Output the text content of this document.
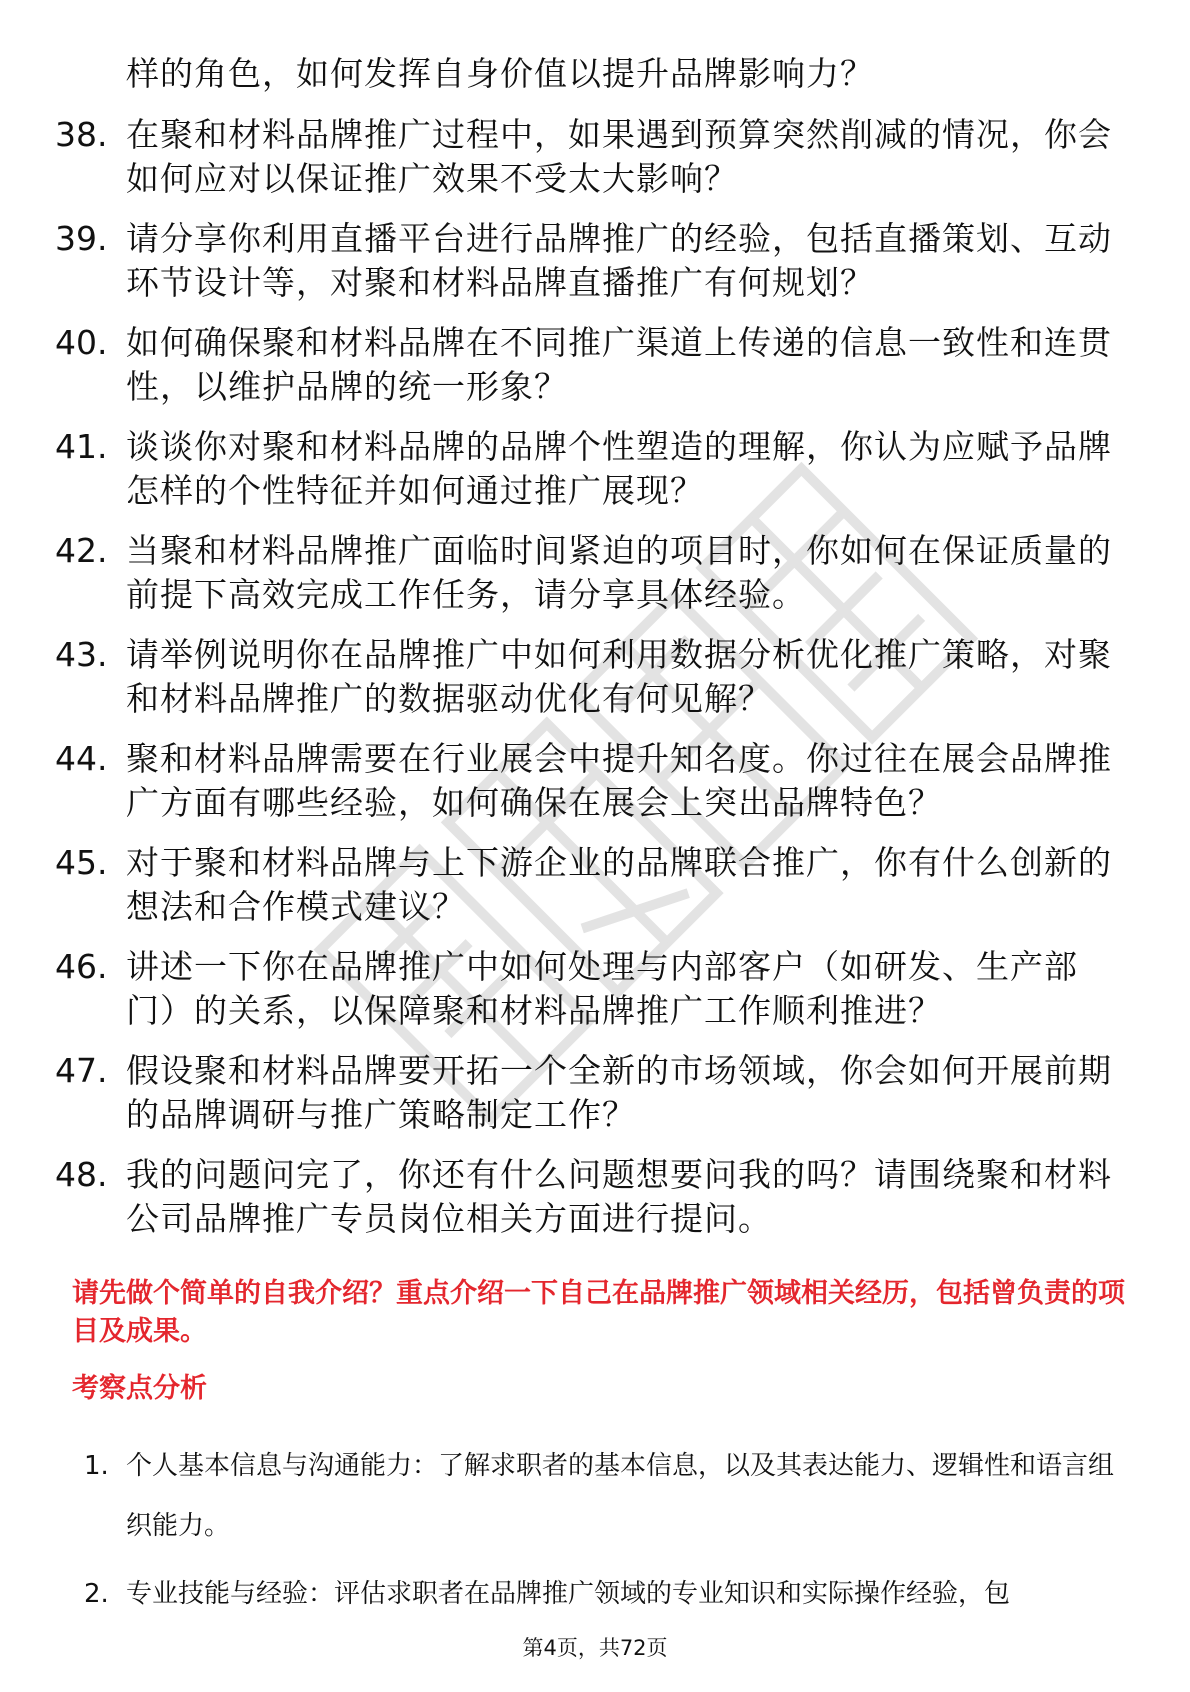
样的角色，如何发挥自身价值以提升品牌影响力？
38. 在聚和材料品牌推广过程中，如果遇到预算突然削减的情况，你会如何应对以保证推广效果不受太大影响？
39. 请分享你利用直播平台进行品牌推广的经验，包括直播策划、互动环节设计等，对聚和材料品牌直播推广有何规划？
40. 如何确保聚和材料品牌在不同推广渠道上传递的信息一致性和连贯性，以维护品牌的统一形象？
41. 谈谈你对聚和材料品牌的品牌个性塑造的理解，你认为应赋予品牌怎样的个性特征并如何通过推广展现？
42. 当聚和材料品牌推广面临时间紧迫的项目时，你如何在保证质量的前提下高效完成工作任务，请分享具体经验。
43. 请举例说明你在品牌推广中如何利用数据分析优化推广策略，对聚和材料品牌推广的数据驱动优化有何见解？
44. 聚和材料品牌需要在行业展会中提升知名度。你过往在展会品牌推广方面有哪些经验，如何确保在展会上突出品牌特色？
45. 对于聚和材料品牌与上下游企业的品牌联合推广，你有什么创新的想法和合作模式建议？
46. 讲述一下你在品牌推广中如何处理与内部客户（如研发、生产部门）的关系，以保障聚和材料品牌推广工作顺利推进？
47. 假设聚和材料品牌要开拓一个全新的市场领域，你会如何开展前期的品牌调研与推广策略制定工作？
48. 我的问题问完了，你还有什么问题想要问我的吗？请围绕聚和材料公司品牌推广专员岗位相关方面进行提问。
请先做个简单的自我介绍？重点介绍一下自己在品牌推广领域相关经历，包括曾负责的项目及成果。
考察点分析
1. 个人基本信息与沟通能力：了解求职者的基本信息，以及其表达能力、逻辑性和语言组织能力。
2. 专业技能与经验：评估求职者在品牌推广领域的专业知识和实际操作经验，包
第4页，共72页
